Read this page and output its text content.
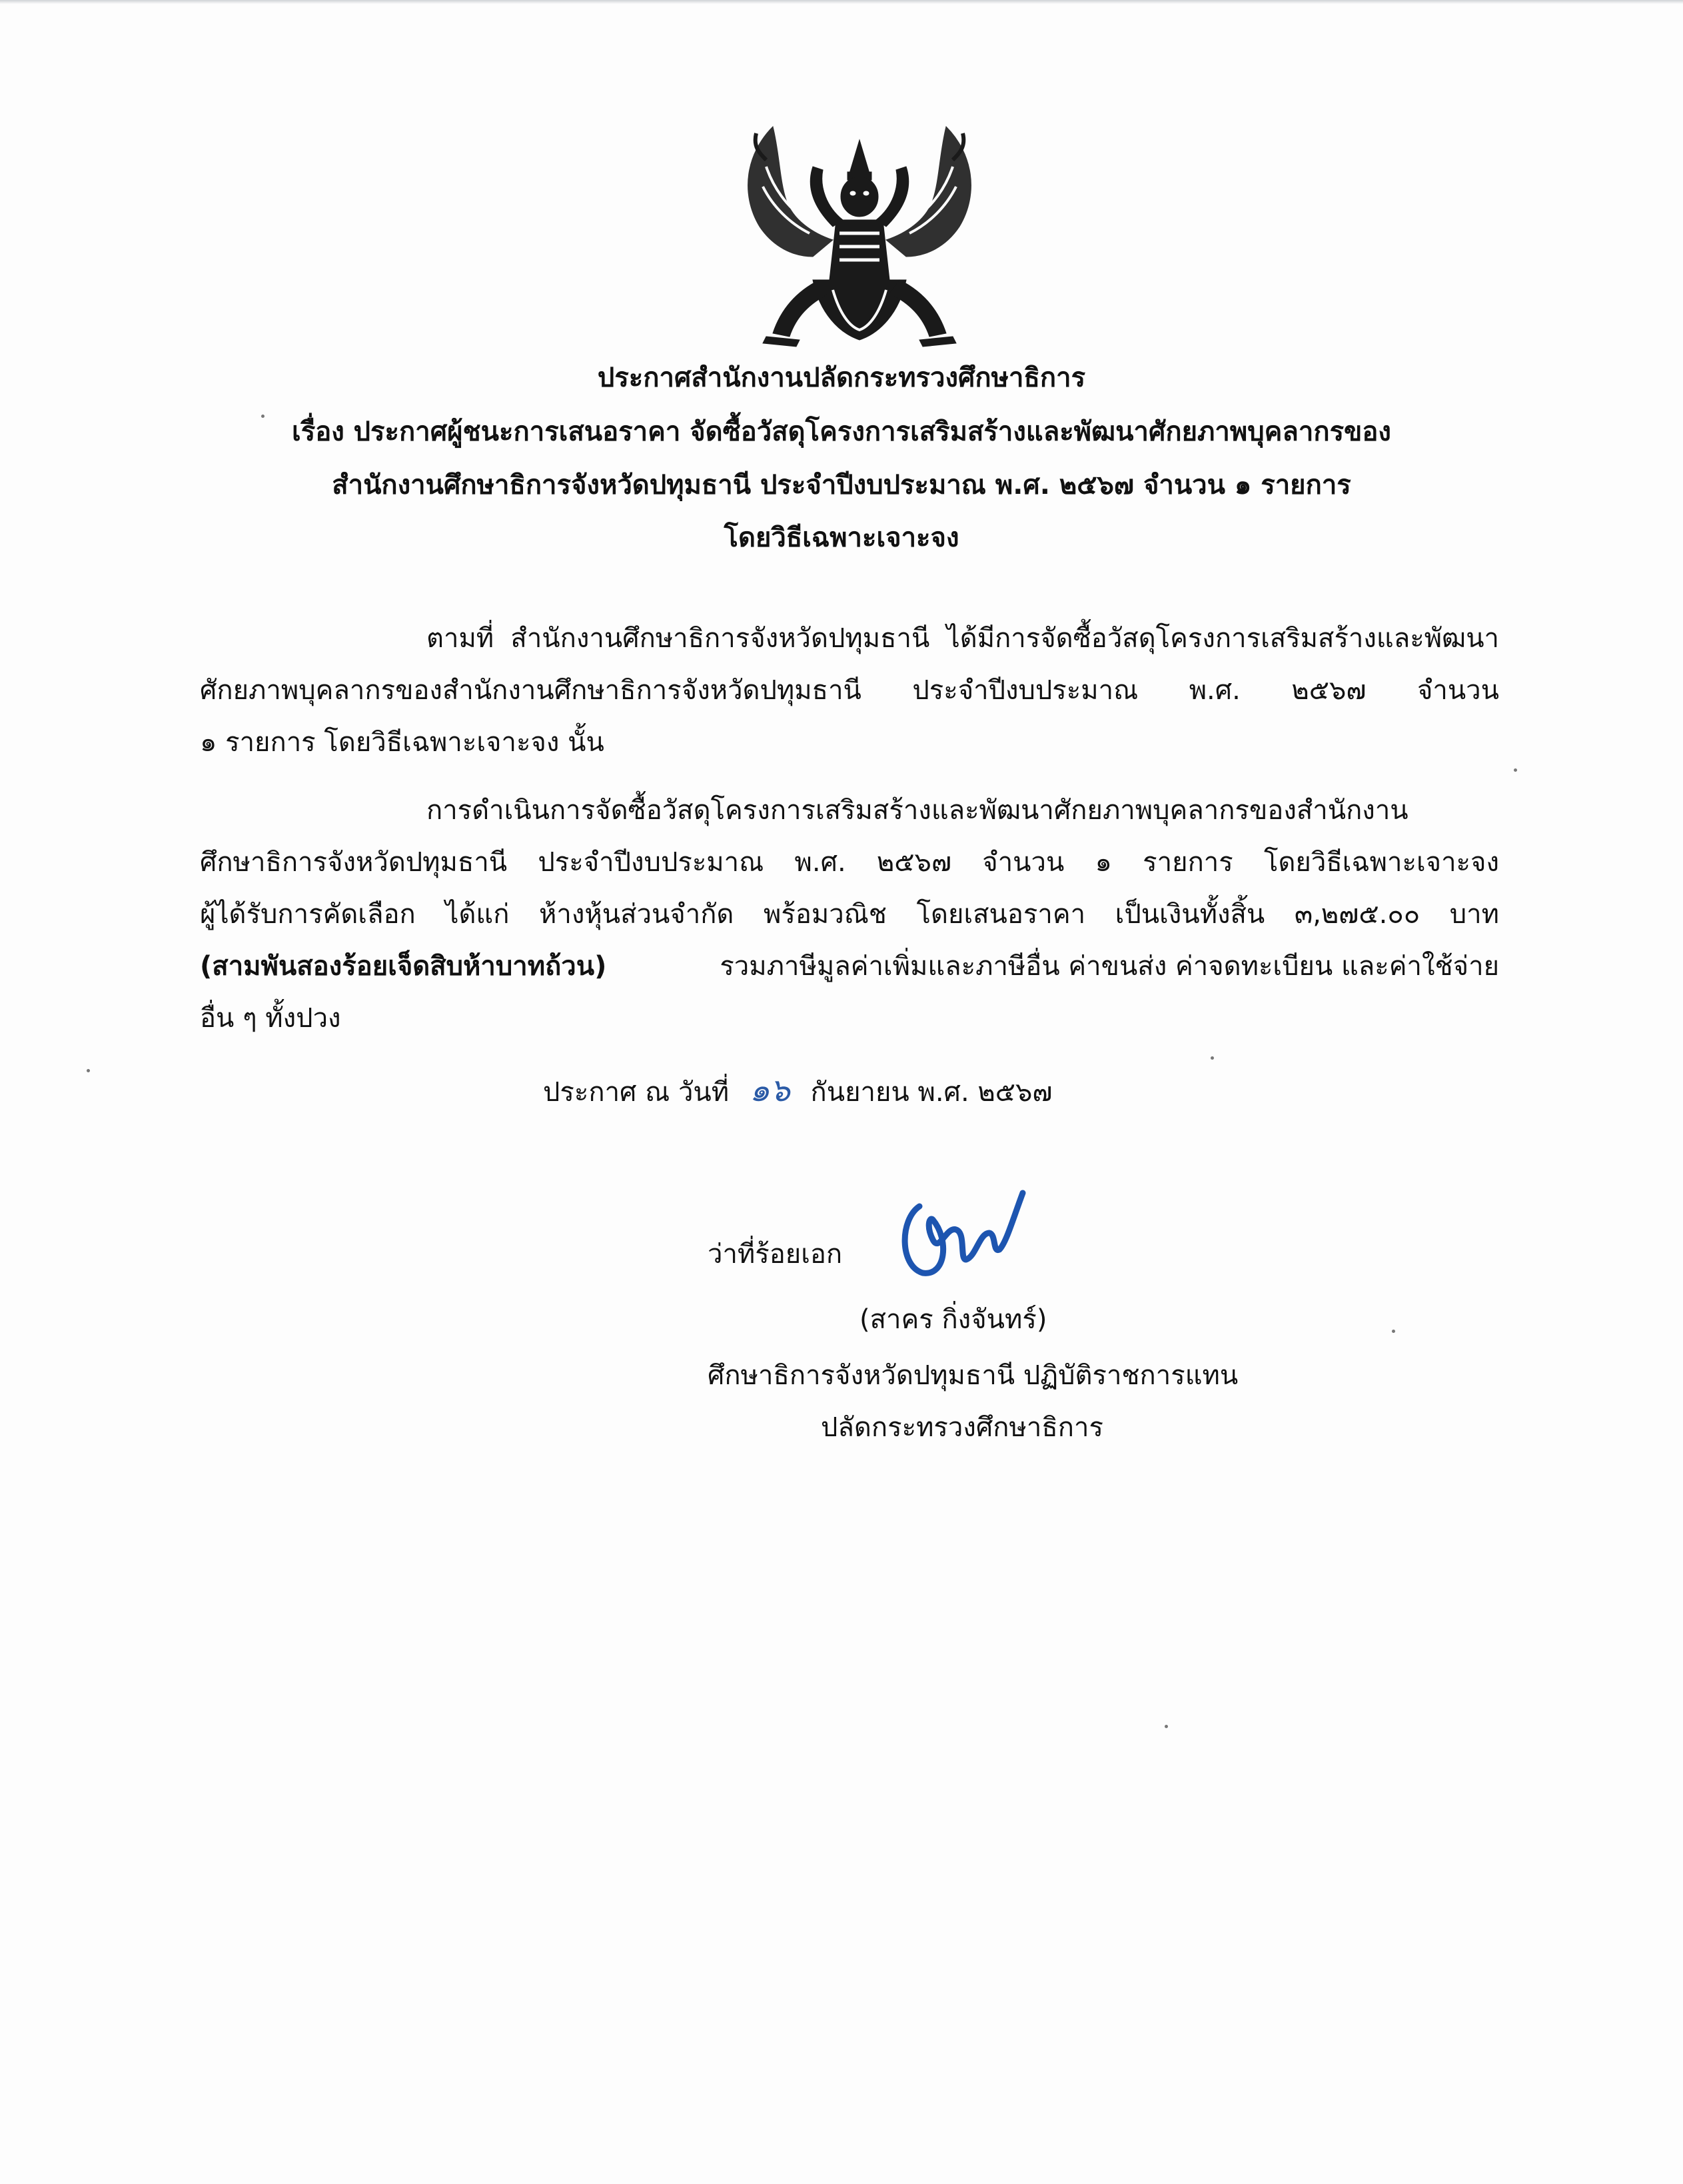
ประกาศสำนักงานปลัดกระทรวงศึกษาธิการ
เรื่อง ประกาศผู้ชนะการเสนอราคา จัดซื้อวัสดุโครงการเสริมสร้างและพัฒนาศักยภาพบุคลากรของ
สำนักงานศึกษาธิการจังหวัดปทุมธานี ประจำปีงบประมาณ พ.ศ. ๒๕๖๗ จำนวน ๑ รายการ
โดยวิธีเฉพาะเจาะจง
ตามที่ สำนักงานศึกษาธิการจังหวัดปทุมธานี ได้มีการจัดซื้อวัสดุโครงการเสริมสร้างและพัฒนา
ศักยภาพบุคลากรของสำนักงานศึกษาธิการจังหวัดปทุมธานี ประจำปีงบประมาณ พ.ศ. ๒๕๖๗ จำนวน
๑ รายการ โดยวิธีเฉพาะเจาะจง นั้น
การดำเนินการจัดซื้อวัสดุโครงการเสริมสร้างและพัฒนาศักยภาพบุคลากรของสำนักงาน
ศึกษาธิการจังหวัดปทุมธานี ประจำปีงบประมาณ พ.ศ. ๒๕๖๗ จำนวน ๑ รายการ โดยวิธีเฉพาะเจาะจง
ผู้ได้รับการคัดเลือก ได้แก่ ห้างหุ้นส่วนจำกัด พร้อมวณิช โดยเสนอราคา เป็นเงินทั้งสิ้น ๓,๒๗๕.๐๐ บาท
(สามพันสองร้อยเจ็ดสิบห้าบาทถ้วน)	รวมภาษีมูลค่าเพิ่มและภาษีอื่น ค่าขนส่ง ค่าจดทะเบียน และค่าใช้จ่าย
อื่น ๆ ทั้งปวง
ประกาศ ณ วันที่ ๑๖ กันยายน พ.ศ. ๒๕๖๗
ว่าที่ร้อยเอก
(สาคร กิ่งจันทร์)
ศึกษาธิการจังหวัดปทุมธานี ปฏิบัติราชการแทน
ปลัดกระทรวงศึกษาธิการ
